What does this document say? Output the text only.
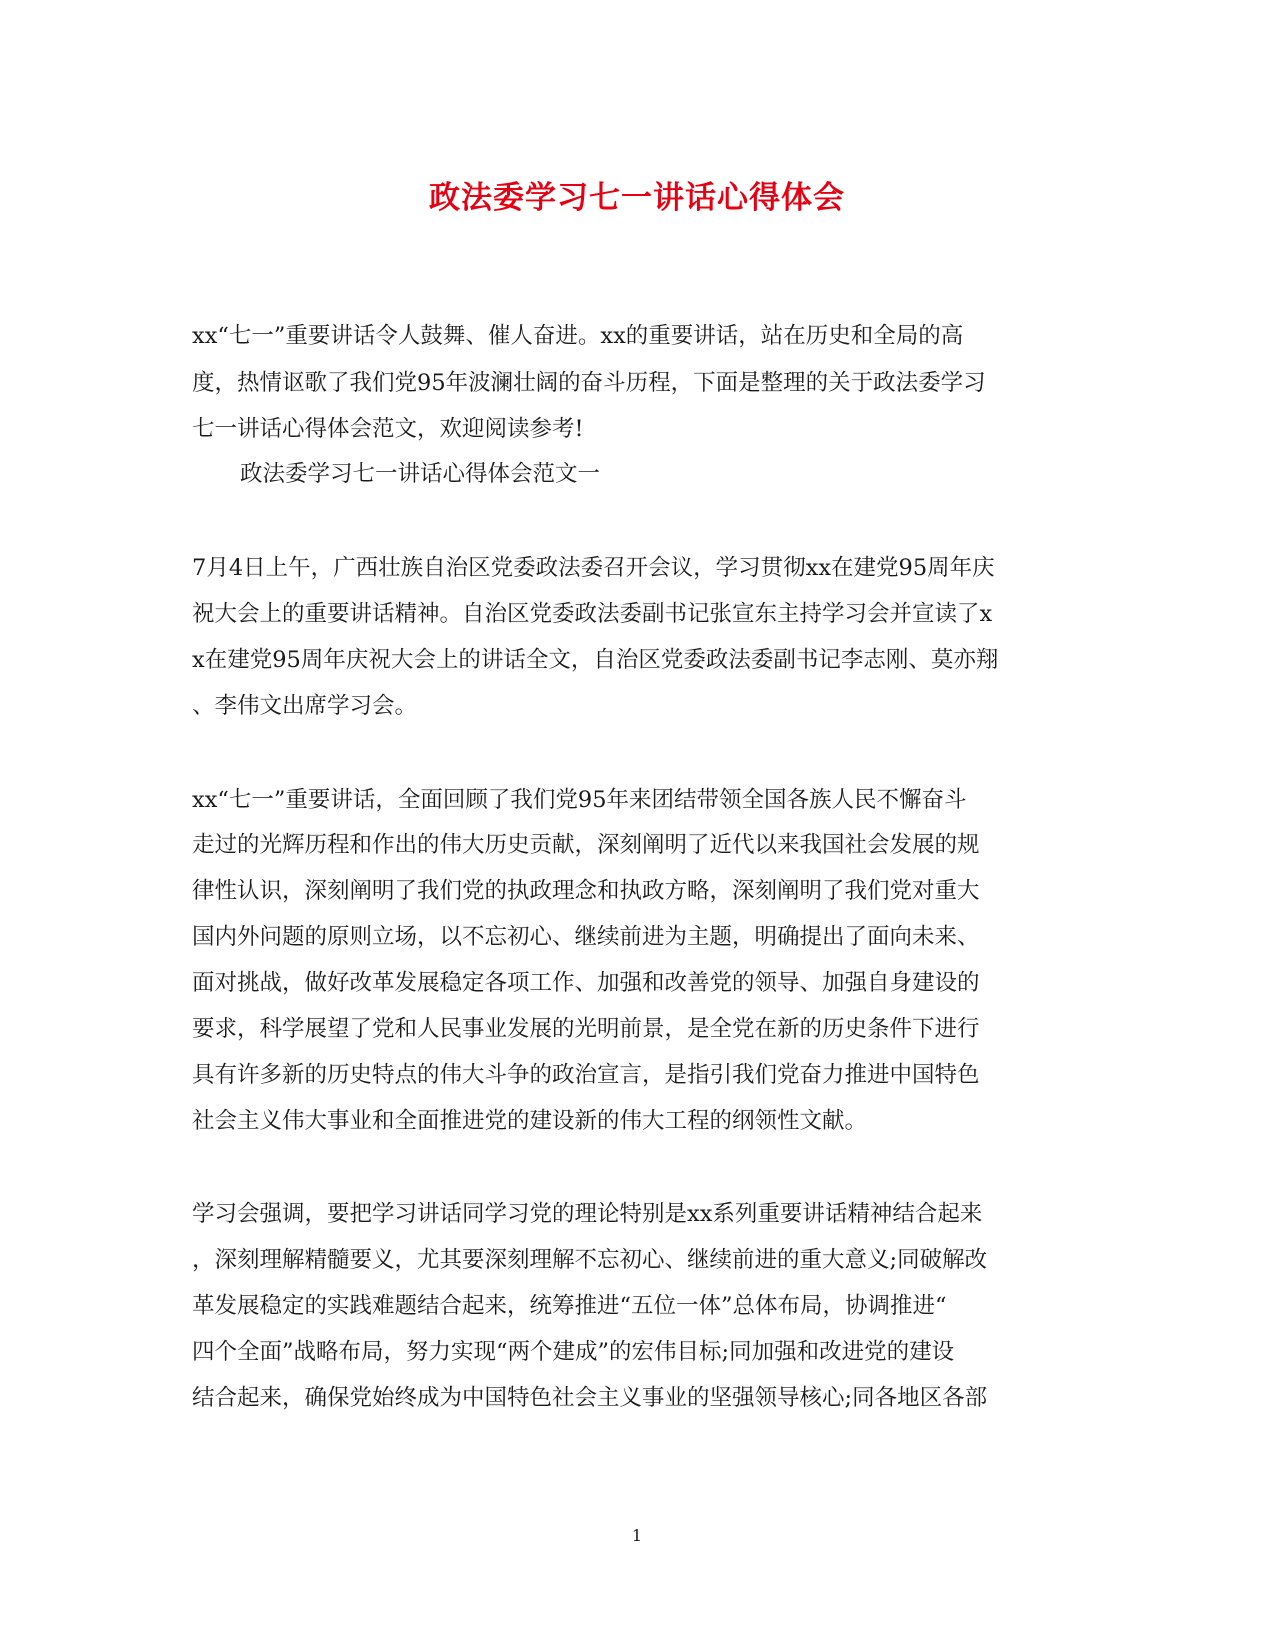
政法委学习七一讲话心得体会

xx“七一”重要讲话令人鼓舞、催人奋进。xx的重要讲话，站在历史和全局的高

度，热情讴歌了我们党95年波澜壮阔的奋斗历程，下面是整理的关于政法委学习

七一讲话心得体会范文，欢迎阅读参考!

政法委学习七一讲话心得体会范文一

7月4日上午，广西壮族自治区党委政法委召开会议，学习贯彻xx在建党95周年庆

祝大会上的重要讲话精神。自治区党委政法委副书记张宣东主持学习会并宣读了x

x在建党95周年庆祝大会上的讲话全文，自治区党委政法委副书记李志刚、莫亦翔

、李伟文出席学习会。

xx“七一”重要讲话，全面回顾了我们党95年来团结带领全国各族人民不懈奋斗

走过的光辉历程和作出的伟大历史贡献，深刻阐明了近代以来我国社会发展的规

律性认识，深刻阐明了我们党的执政理念和执政方略，深刻阐明了我们党对重大

国内外问题的原则立场，以不忘初心、继续前进为主题，明确提出了面向未来、

面对挑战，做好改革发展稳定各项工作、加强和改善党的领导、加强自身建设的

要求，科学展望了党和人民事业发展的光明前景，是全党在新的历史条件下进行

具有许多新的历史特点的伟大斗争的政治宣言，是指引我们党奋力推进中国特色

社会主义伟大事业和全面推进党的建设新的伟大工程的纲领性文献。

学习会强调，要把学习讲话同学习党的理论特别是xx系列重要讲话精神结合起来

，深刻理解精髓要义，尤其要深刻理解不忘初心、继续前进的重大意义;同破解改

革发展稳定的实践难题结合起来，统筹推进“五位一体”总体布局，协调推进“

四个全面”战略布局，努力实现“两个建成”的宏伟目标;同加强和改进党的建设

结合起来，确保党始终成为中国特色社会主义事业的坚强领导核心;同各地区各部

1
